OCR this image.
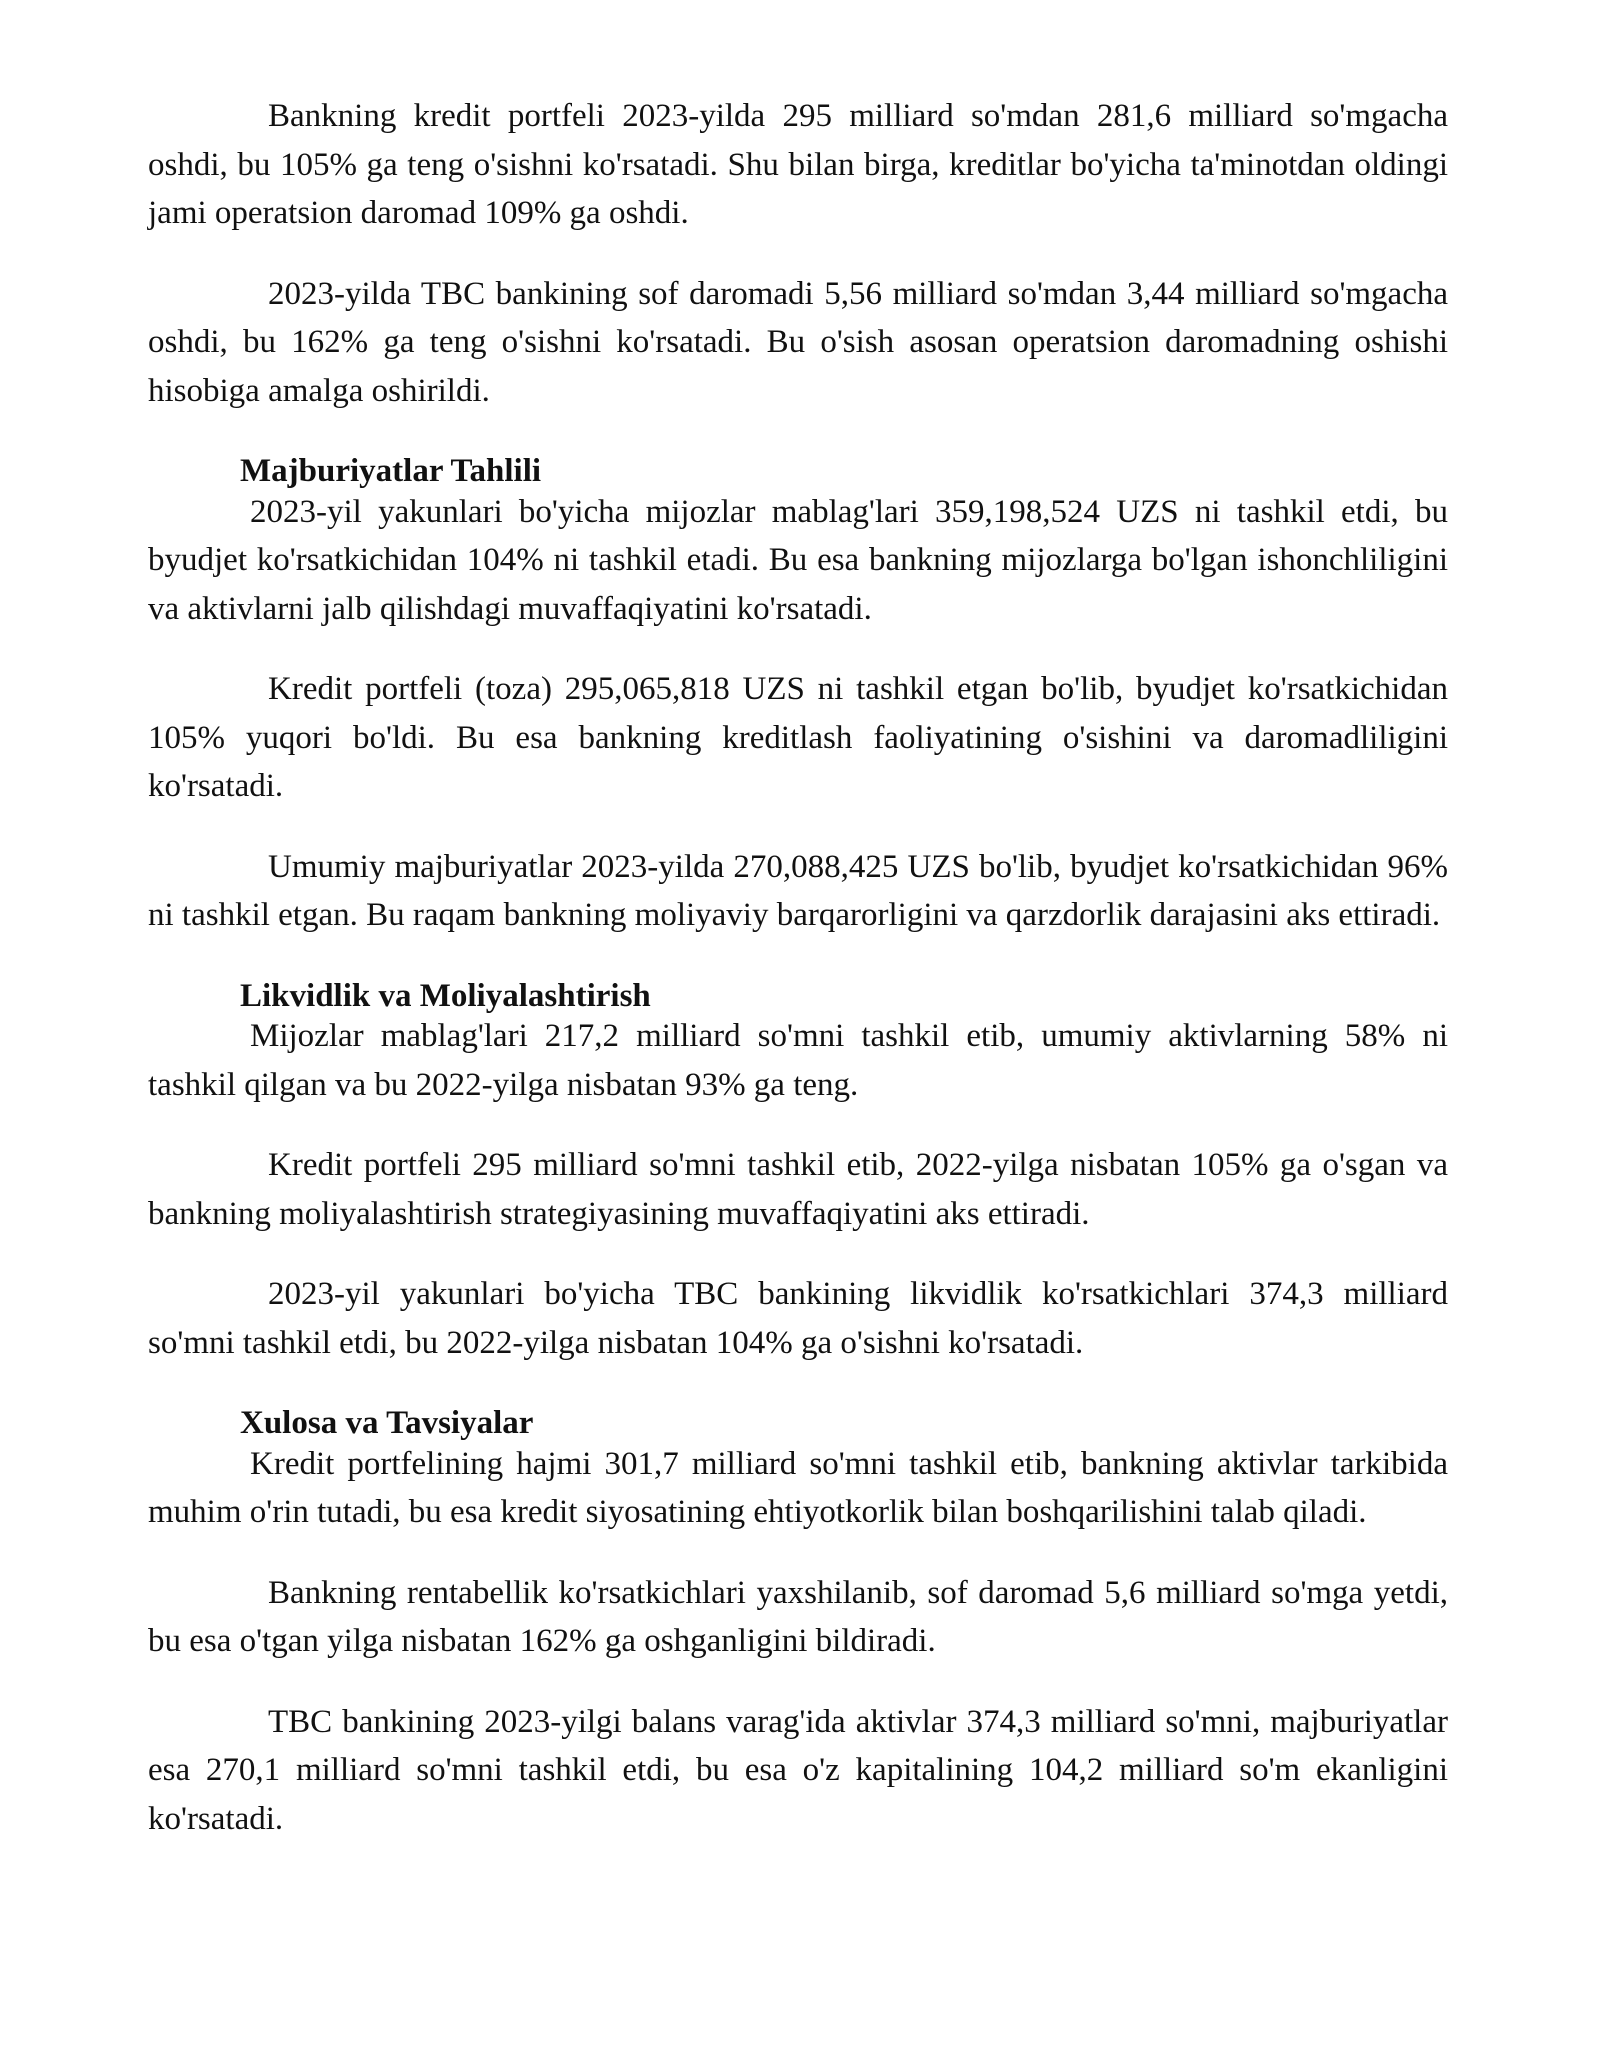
Bankning kredit portfeli 2023-yilda 295 milliard so'mdan 281,6 milliard so'mgacha oshdi, bu 105% ga teng o'sishni ko'rsatadi. Shu bilan birga, kreditlar bo'yicha ta'minotdan oldingi jami operatsion daromad 109% ga oshdi.

2023-yilda TBC bankining sof daromadi 5,56 milliard so'mdan 3,44 milliard so'mgacha oshdi, bu 162% ga teng o'sishni ko'rsatadi. Bu o'sish asosan operatsion daromadning oshishi hisobiga amalga oshirildi.

Majburiyatlar Tahlili

2023-yil yakunlari bo'yicha mijozlar mablag'lari 359,198,524 UZS ni tashkil etdi, bu byudjet ko'rsatkichidan 104% ni tashkil etadi. Bu esa bankning mijozlarga bo'lgan ishonchliligini va aktivlarni jalb qilishdagi muvaffaqiyatini ko'rsatadi.

Kredit portfeli (toza) 295,065,818 UZS ni tashkil etgan bo'lib, byudjet ko'rsatkichidan 105% yuqori bo'ldi. Bu esa bankning kreditlash faoliyatining o'sishini va daromadliligini ko'rsatadi.

Umumiy majburiyatlar 2023-yilda 270,088,425 UZS bo'lib, byudjet ko'rsatkichidan 96% ni tashkil etgan. Bu raqam bankning moliyaviy barqarorligini va qarzdorlik darajasini aks ettiradi.

Likvidlik va Moliyalashtirish

Mijozlar mablag'lari 217,2 milliard so'mni tashkil etib, umumiy aktivlarning 58% ni tashkil qilgan va bu 2022-yilga nisbatan 93% ga teng.

Kredit portfeli 295 milliard so'mni tashkil etib, 2022-yilga nisbatan 105% ga o'sgan va bankning moliyalashtirish strategiyasining muvaffaqiyatini aks ettiradi.

2023-yil yakunlari bo'yicha TBC bankining likvidlik ko'rsatkichlari 374,3 milliard so'mni tashkil etdi, bu 2022-yilga nisbatan 104% ga o'sishni ko'rsatadi.

Xulosa va Tavsiyalar

Kredit portfelining hajmi 301,7 milliard so'mni tashkil etib, bankning aktivlar tarkibida muhim o'rin tutadi, bu esa kredit siyosatining ehtiyotkorlik bilan boshqarilishini talab qiladi.

Bankning rentabellik ko'rsatkichlari yaxshilanib, sof daromad 5,6 milliard so'mga yetdi, bu esa o'tgan yilga nisbatan 162% ga oshganligini bildiradi.

TBC bankining 2023-yilgi balans varag'ida aktivlar 374,3 milliard so'mni, majburiyatlar esa 270,1 milliard so'mni tashkil etdi, bu esa o'z kapitalining 104,2 milliard so'm ekanligini ko'rsatadi.
